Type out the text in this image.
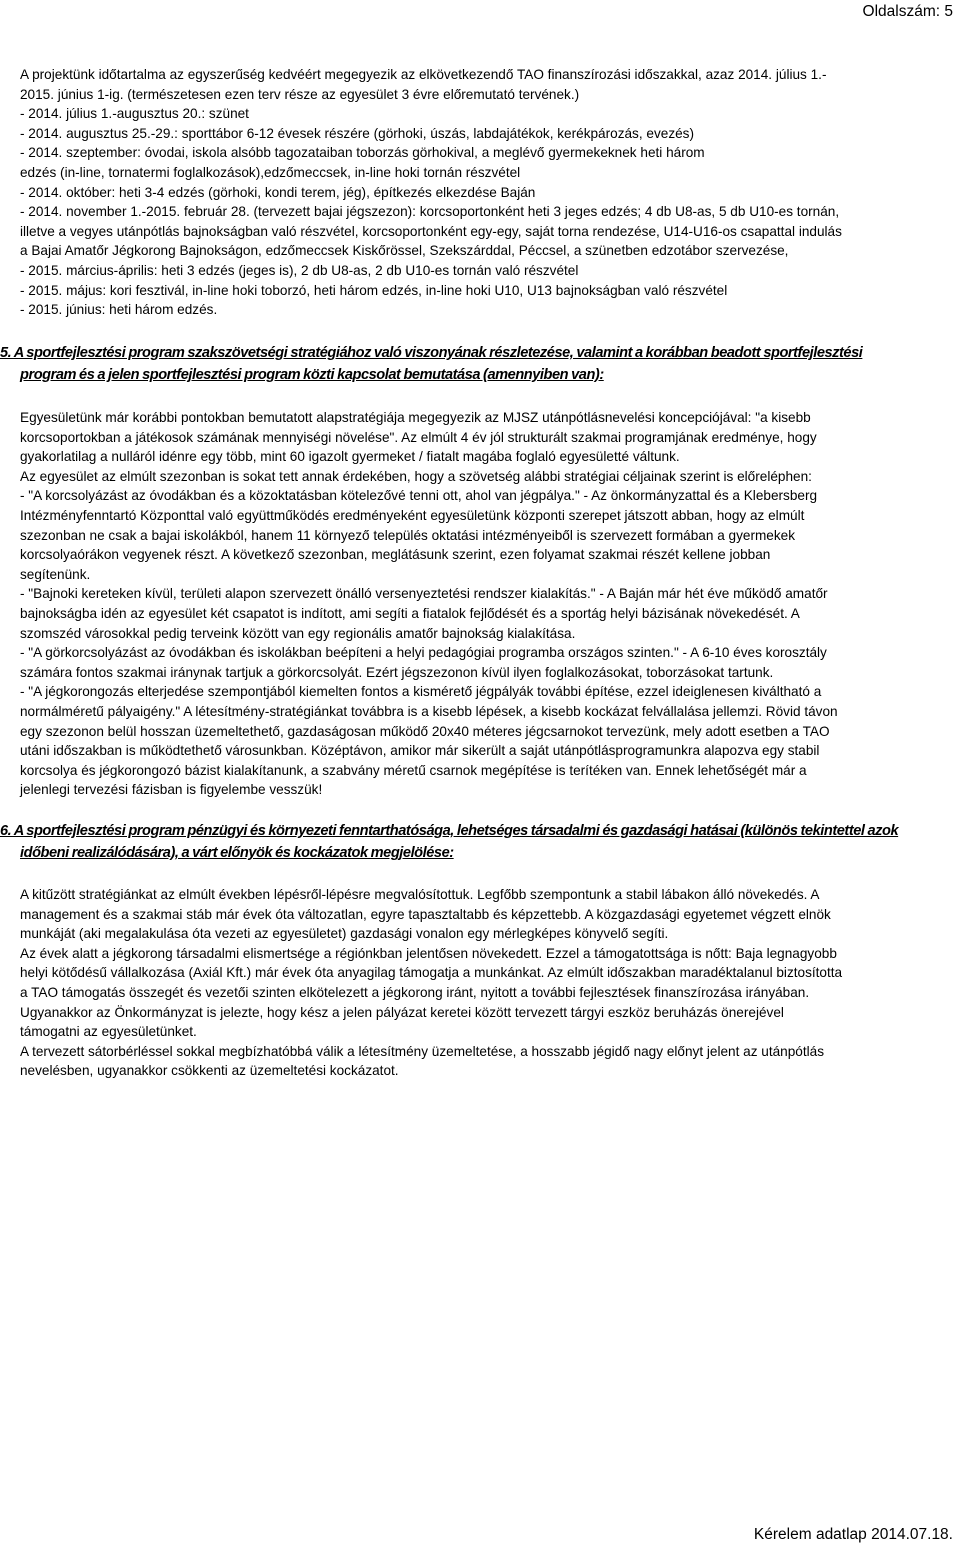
Oldalszám: 5

A projektünk időtartalma az egyszerűség kedvéért megegyezik az elkövetkezendő TAO finanszírozási időszakkal, azaz 2014. július 1.-

2015. június 1-ig. (természetesen ezen terv része az egyesület 3 évre előremutató tervének.)

- 2014. július 1.-augusztus 20.: szünet

- 2014. augusztus 25.-29.: sporttábor 6-12 évesek részére (görhoki, úszás, labdajátékok, kerékpározás, evezés)

- 2014. szeptember: óvodai, iskola alsóbb tagozataiban toborzás görhokival, a meglévő gyermekeknek heti három

edzés (in-line, tornatermi foglalkozások),edzőmeccsek, in-line hoki tornán részvétel

- 2014. október: heti 3-4 edzés (görhoki, kondi terem, jég), építkezés elkezdése Baján

- 2014. november 1.-2015. február 28. (tervezett bajai jégszezon): korcsoportonként heti 3 jeges edzés; 4 db U8-as, 5 db U10-es tornán,

illetve a vegyes utánpótlás bajnokságban való részvétel, korcsoportonként egy-egy, saját torna rendezése, U14-U16-os csapattal indulás

a Bajai Amatőr Jégkorong Bajnokságon, edzőmeccsek Kiskőrössel, Szekszárddal, Péccsel, a szünetben edzotábor szervezése,

- 2015. március-április: heti 3 edzés (jeges is), 2 db U8-as, 2 db U10-es tornán való részvétel

- 2015. május: kori fesztivál, in-line hoki toborzó, heti három edzés, in-line hoki U10, U13 bajnokságban való részvétel

- 2015. június: heti három edzés.

5. A sportfejlesztési program szakszövetségi stratégiához való viszonyának részletezése, valamint a korábban beadott sportfejlesztési
program és a jelen sportfejlesztési program közti kapcsolat bemutatása (amennyiben van):

Egyesületünk már korábbi pontokban bemutatott alapstratégiája megegyezik az MJSZ utánpótlásnevelési koncepciójával: "a kisebb

korcsoportokban a játékosok számának mennyiségi növelése". Az elmúlt 4 év jól strukturált szakmai programjának eredménye, hogy

gyakorlatilag a nulláról idénre egy több, mint 60 igazolt gyermeket / fiatalt magába foglaló egyesületté váltunk.

Az egyesület az elmúlt szezonban is sokat tett annak érdekében, hogy a szövetség alábbi stratégiai céljainak szerint is előreléphen:

- "A korcsolyázást az óvodákban és a közoktatásban kötelezővé tenni ott, ahol van jégpálya." - Az önkormányzattal és a Klebersberg

Intézményfenntartó Központtal való együttműködés eredményeként egyesületünk központi szerepet játszott abban, hogy az elmúlt

szezonban ne csak a bajai iskolákból, hanem 11 környező település oktatási intézményeiből is szervezett formában a gyermekek

korcsolyaórákon vegyenek részt. A következő szezonban, meglátásunk szerint, ezen folyamat szakmai részét kellene jobban

segítenünk.

- "Bajnoki kereteken kívül, területi alapon szervezett önálló versenyeztetési rendszer kialakítás." - A Baján már hét éve működő amatőr

bajnokságba idén az egyesület két csapatot is indított, ami segíti a fiatalok fejlődését és a sportág helyi bázisának növekedését. A

szomszéd városokkal pedig terveink között van egy regionális amatőr bajnokság kialakítása.

- "A görkorcsolyázást az óvodákban és iskolákban beépíteni a helyi pedagógiai programba országos szinten." - A 6-10 éves korosztály

számára fontos szakmai iránynak tartjuk a görkorcsolyát. Ezért jégszezonon kívül ilyen foglalkozásokat, toborzásokat tartunk.

- "A jégkorongozás elterjedése szempontjából kiemelten fontos a kismérető jégpályák további építése, ezzel ideiglenesen kiváltható a

normálméretű pályaigény." A létesítmény-stratégiánkat továbbra is a kisebb lépések, a kisebb kockázat felvállalása jellemzi. Rövid távon

egy szezonon belül hosszan üzemeltethető, gazdaságosan működő 20x40 méteres jégcsarnokot tervezünk, mely adott esetben a TAO

utáni időszakban is működtethető városunkban. Középtávon, amikor már sikerült a saját utánpótlásprogramunkra alapozva egy stabil

korcsolya és jégkorongozó bázist kialakítanunk, a szabvány méretű csarnok megépítése is terítéken van. Ennek lehetőségét már a

jelenlegi tervezési fázisban is figyelembe vesszük!

6. A sportfejlesztési program pénzügyi és környezeti fenntarthatósága, lehetséges társadalmi és gazdasági hatásai (különös tekintettel azok
időbeni realizálódására), a várt előnyök és kockázatok megjelölése:

A kitűzött stratégiánkat az elmúlt években lépésről-lépésre megvalósítottuk. Legfőbb szempontunk a stabil lábakon álló növekedés. A

management és a szakmai stáb már évek óta változatlan, egyre tapasztaltabb és képzettebb. A közgazdasági egyetemet végzett elnök

munkáját (aki megalakulása óta vezeti az egyesületet) gazdasági vonalon egy mérlegképes könyvelő segíti.

Az évek alatt a jégkorong társadalmi elismertsége a régiónkban jelentősen növekedett. Ezzel a támogatottsága is nőtt: Baja legnagyobb

helyi kötődésű vállalkozása (Axiál Kft.) már évek óta anyagilag támogatja a munkánkat. Az elmúlt időszakban maradéktalanul biztosította

a TAO támogatás összegét és vezetői szinten elkötelezett a jégkorong iránt, nyitott a további fejlesztések finanszírozása irányában.

Ugyanakkor az Önkormányzat is jelezte, hogy kész a jelen pályázat keretei között tervezett tárgyi eszköz beruházás önerejével

támogatni az egyesületünket.

A tervezett sátorbérléssel sokkal megbízhatóbbá válik a létesítmény üzemeltetése, a hosszabb jégidő nagy előnyt jelent az utánpótlás

nevelésben, ugyanakkor csökkenti az üzemeltetési kockázatot.

Kérelem adatlap 2014.07.18.
